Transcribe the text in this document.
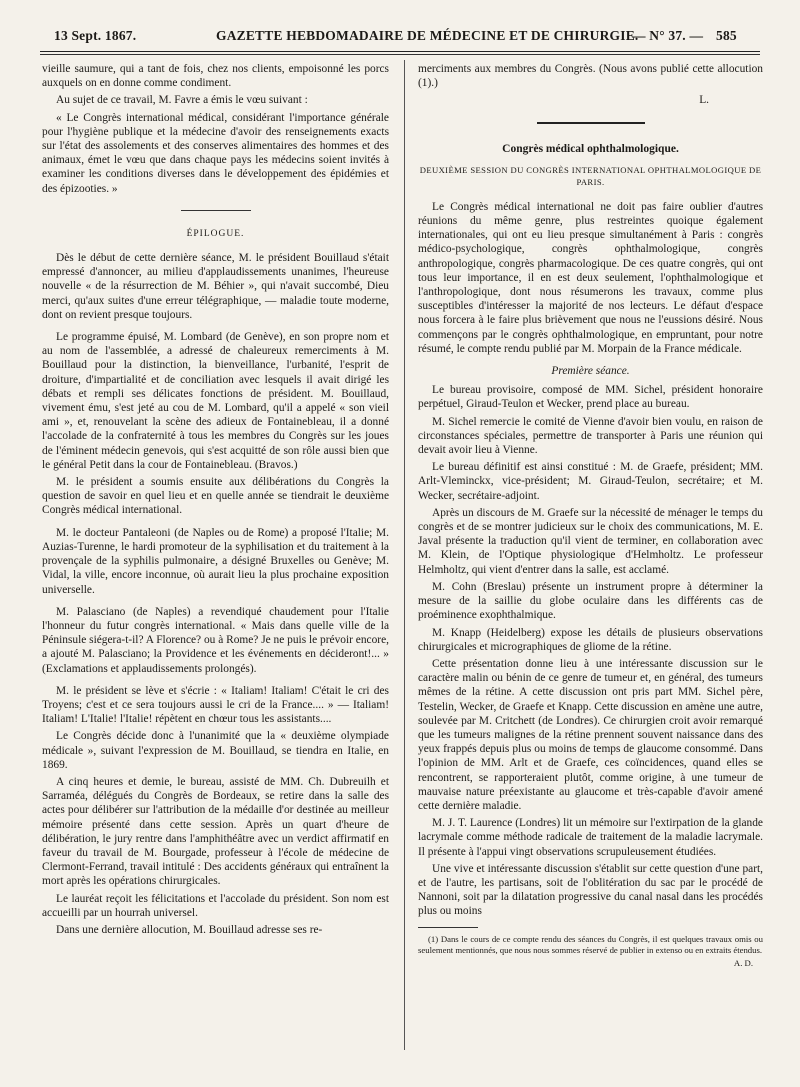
13 Sept. 1867.	GAZETTE HEBDOMADAIRE DE MÉDECINE ET DE CHIRURGIE.
— N° 37. — 585

vieille saumure, qui a tant de fois, chez nos clients, empoisonné les porcs auxquels on en donne comme condiment.

Au sujet de ce travail, M. Favre a émis le vœu suivant :

« Le Congrès international médical, considérant l'importance générale pour l'hygiène publique et la médecine d'avoir des renseignements exacts sur l'état des assolements et des conserves alimentaires des hommes et des animaux, émet le vœu que dans chaque pays les médecins soient invités à examiner les conditions diverses dans le développement des épidémies et des épizooties. »

ÉPILOGUE.

Dès le début de cette dernière séance, M. le président Bouillaud s'était empressé d'annoncer, au milieu d'applaudissements unanimes, l'heureuse nouvelle « de la résurrection de M. Béhier », qui n'avait succombé, Dieu merci, qu'aux suites d'une erreur télégraphique, — maladie toute moderne, dont on revient presque toujours.

Le programme épuisé, M. Lombard (de Genève), en son propre nom et au nom de l'assemblée, a adressé de chaleureux remerciments à M. Bouillaud pour la distinction, la bienveillance, l'urbanité, l'esprit de droiture, d'impartialité et de conciliation avec lesquels il avait dirigé les débats et rempli ses délicates fonctions de président. M. Bouillaud, vivement ému, s'est jeté au cou de M. Lombard, qu'il a appelé « son vieil ami », et, renouvelant la scène des adieux de Fontainebleau, il a donné l'accolade de la confraternité à tous les membres du Congrès sur les joues de l'éminent médecin genevois, qui s'est acquitté de son rôle aussi bien que le général Petit dans la cour de Fontainebleau. (Bravos.)

M. le président a soumis ensuite aux délibérations du Congrès la question de savoir en quel lieu et en quelle année se tiendrait le deuxième Congrès médical international.

M. le docteur Pantaleoni (de Naples ou de Rome) a proposé l'Italie; M. Auzias-Turenne, le hardi promoteur de la syphilisation et du traitement à la provençale de la syphilis pulmonaire, a désigné Bruxelles ou Genève; M. Vidal, la ville, encore inconnue, où aurait lieu la plus prochaine exposition universelle.

M. Palasciano (de Naples) a revendiqué chaudement pour l'Italie l'honneur du futur congrès international. « Mais dans quelle ville de la Péninsule siégera-t-il? A Florence? ou à Rome? Je ne puis le prévoir encore, a ajouté M. Palasciano; la Providence et les événements en décideront!... » (Exclamations et applaudissements prolongés).

M. le président se lève et s'écrie : « Italiam! Italiam! C'était le cri des Troyens; c'est et ce sera toujours aussi le cri de la France.... » — Italiam! Italiam! L'Italie! l'Italie! répètent en chœur tous les assistants....

Le Congrès décide donc à l'unanimité que la « deuxième olympiade médicale », suivant l'expression de M. Bouillaud, se tiendra en Italie, en 1869.

A cinq heures et demie, le bureau, assisté de MM. Ch. Dubreuilh et Sarraméa, délégués du Congrès de Bordeaux, se retire dans la salle des actes pour délibérer sur l'attribution de la médaille d'or destinée au meilleur mémoire présenté dans cette session. Après un quart d'heure de délibération, le jury rentre dans l'amphithéâtre avec un verdict affirmatif en faveur du travail de M. Bourgade, professeur à l'école de médecine de Clermont-Ferrand, travail intitulé : Des accidents généraux qui entraînent la mort après les opérations chirurgicales.

Le lauréat reçoit les félicitations et l'accolade du président. Son nom est accueilli par un hourrah universel.

Dans une dernière allocution, M. Bouillaud adresse ses re-

merciments aux membres du Congrès. (Nous avons publié cette allocution (1).)

L.

Congrès médical ophthalmologique.
DEUXIÈME SESSION DU CONGRÈS INTERNATIONAL OPHTHALMOLOGIQUE DE PARIS.

Le Congrès médical international ne doit pas faire oublier d'autres réunions du même genre, plus restreintes quoique également internationales, qui ont eu lieu presque simultanément à Paris : congrès médico-psychologique, congrès ophthalmologique, congrès anthropologique, congrès pharmacologique. De ces quatre congrès, qui ont tous leur importance, il en est deux seulement, l'ophthalmologique et l'anthropologique, dont nous résumerons les travaux, comme plus susceptibles d'intéresser la majorité de nos lecteurs. Le défaut d'espace nous forcera à le faire plus brièvement que nous ne l'eussions désiré. Nous commençons par le congrès ophthalmologique, en empruntant, pour notre résumé, le compte rendu publié par M. Morpain de la France médicale.

Première séance.

Le bureau provisoire, composé de MM. Sichel, président honoraire perpétuel, Giraud-Teulon et Wecker, prend place au bureau.

M. Sichel remercie le comité de Vienne d'avoir bien voulu, en raison de circonstances spéciales, permettre de transporter à Paris une réunion qui devait avoir lieu à Vienne.

Le bureau définitif est ainsi constitué : M. de Graefe, président; MM. Arlt-Vleminckx, vice-président; M. Giraud-Teulon, secrétaire; et M. Wecker, secrétaire-adjoint.

Après un discours de M. Graefe sur la nécessité de ménager le temps du congrès et de se montrer judicieux sur le choix des communications, M. E. Javal présente la traduction qu'il vient de terminer, en collaboration avec M. Klein, de l'Optique physiologique d'Helmholtz. Le professeur Helmholtz, qui vient d'entrer dans la salle, est acclamé.

M. Cohn (Breslau) présente un instrument propre à déterminer la mesure de la saillie du globe oculaire dans les différents cas de proéminence exophthalmique.

M. Knapp (Heidelberg) expose les détails de plusieurs observations chirurgicales et micrographiques de gliome de la rétine.

Cette présentation donne lieu à une intéressante discussion sur le caractère malin ou bénin de ce genre de tumeur et, en général, des tumeurs mêmes de la rétine. A cette discussion ont pris part MM. Sichel père, Testelin, Wecker, de Graefe et Knapp. Cette discussion en amène une autre, soulevée par M. Critchett (de Londres). Ce chirurgien croit avoir remarqué que les tumeurs malignes de la rétine prennent souvent naissance dans des yeux frappés depuis plus ou moins de temps de glaucome consommé. Dans l'opinion de MM. Arlt et de Graefe, ces coïncidences, quand elles se rencontrent, se rapporteraient plutôt, comme origine, à une tumeur de mauvaise nature préexistante au glaucome et très-capable d'avoir amené cette dernière maladie.

M. J. T. Laurence (Londres) lit un mémoire sur l'extirpation de la glande lacrymale comme méthode radicale de traitement de la maladie lacrymale. Il présente à l'appui vingt observations scrupuleusement étudiées.

Une vive et intéressante discussion s'établit sur cette question d'une part, et de l'autre, les partisans, soit de l'oblitération du sac par le procédé de Nannoni, soit par la dilatation progressive du canal nasal dans les procédés plus ou moins

(1) Dans le cours de ce compte rendu des séances du Congrès, il est quelques travaux omis ou seulement mentionnés, que nous nous sommes réservé de publier in extenso ou en extraits étendus.
A. D.
